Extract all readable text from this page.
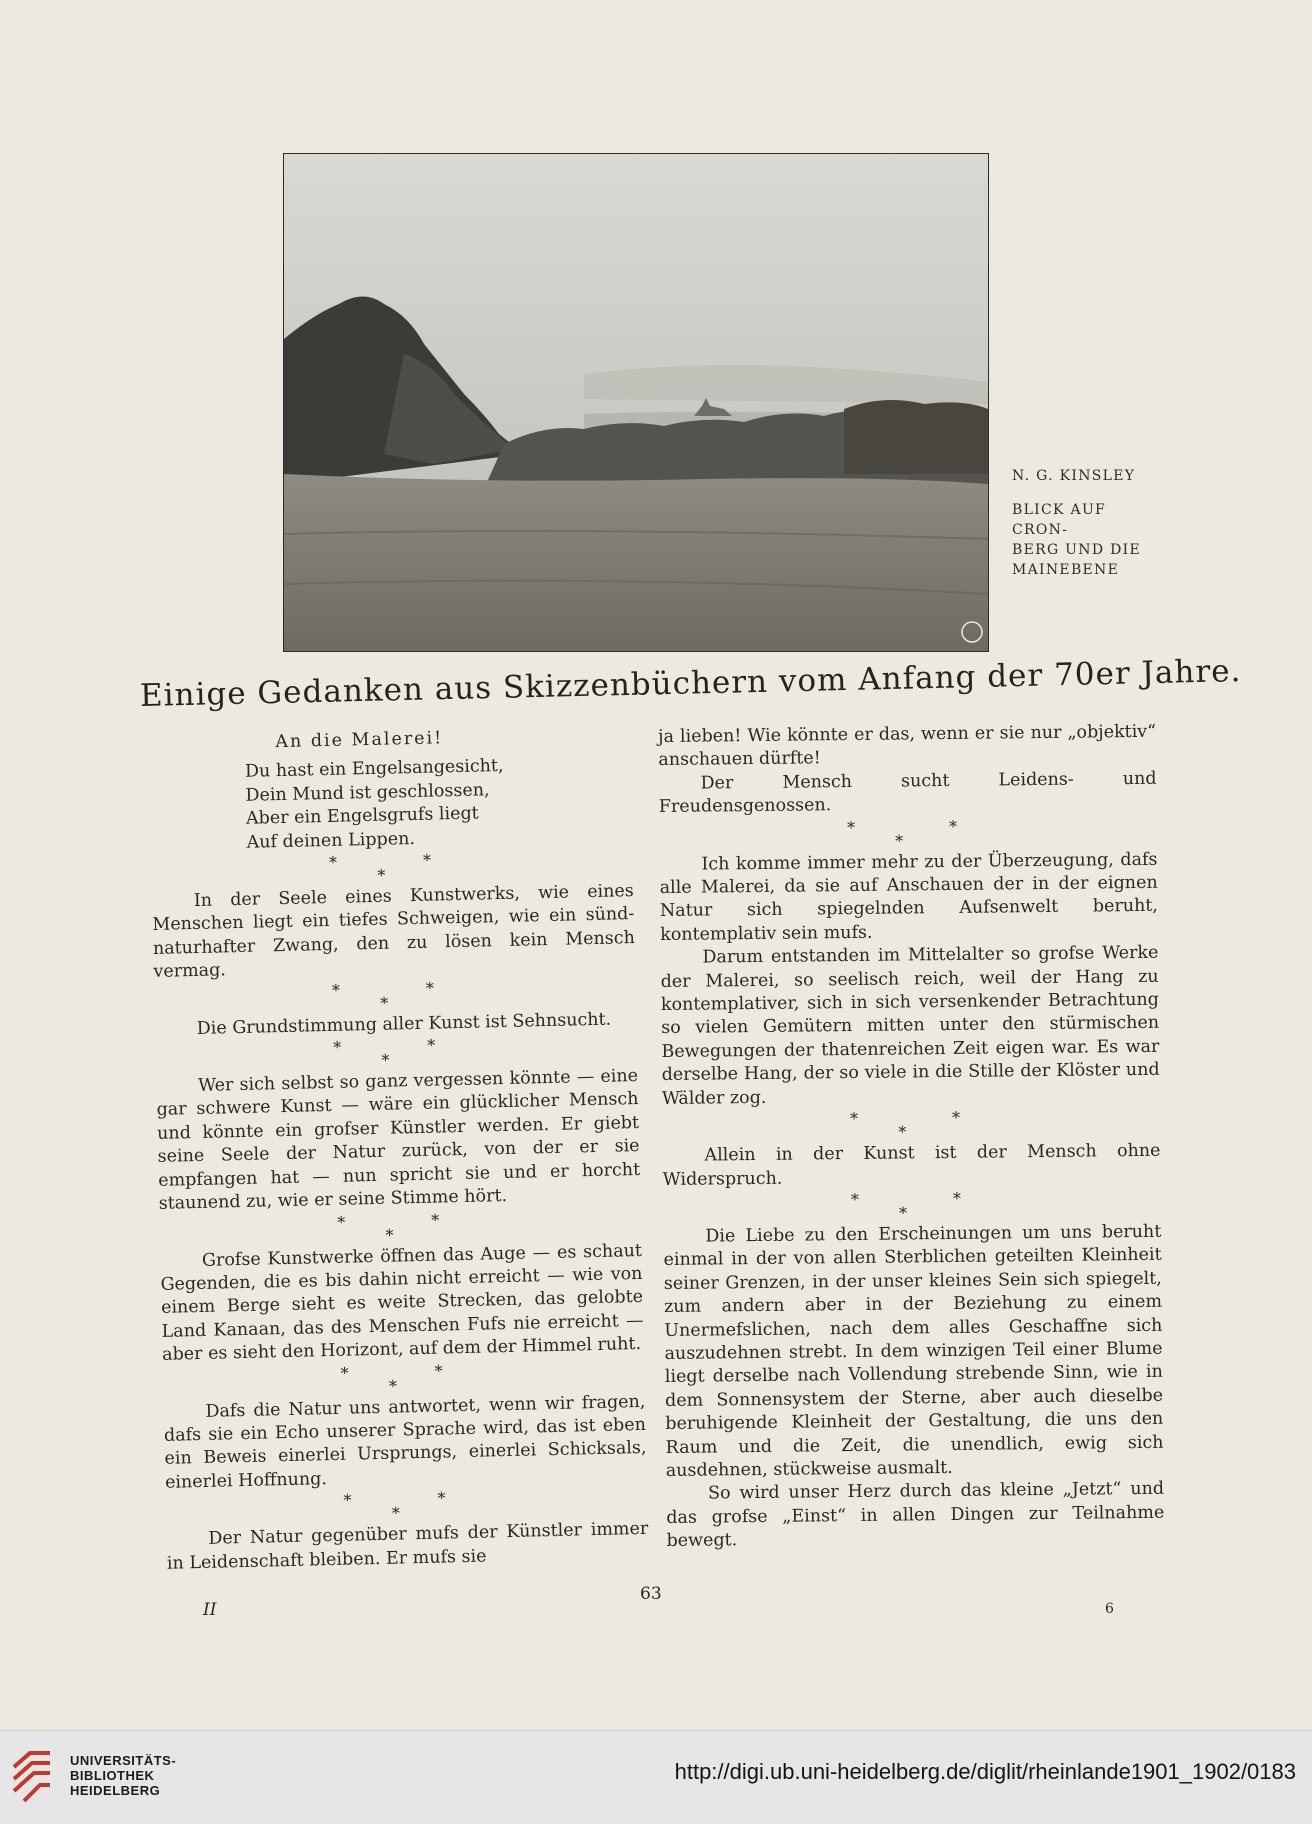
N. G. KINSLEY
BLICK AUF CRON-
BERG UND DIE
MAINEBENE
Einige Gedanken aus Skizzenbüchern vom Anfang der 70er Jahre.
An die Malerei!
Du hast ein Engelsangesicht,
Dein Mund ist geschlossen,
Aber ein Engelsgrufs liegt
Auf deinen Lippen.
*
*
*

In der Seele eines Kunstwerks, wie eines Menschen liegt ein tiefes Schweigen, wie ein sünd-naturhafter Zwang, den zu lösen kein Mensch vermag.

*
*
*

Die Grundstimmung aller Kunst ist Sehnsucht.

*
*
*

Wer sich selbst so ganz vergessen könnte — eine gar schwere Kunst — wäre ein glücklicher Mensch und könnte ein grofser Künstler werden. Er giebt seine Seele der Natur zurück, von der er sie empfangen hat — nun spricht sie und er horcht staunend zu, wie er seine Stimme hört.

*
*
*

Grofse Kunstwerke öffnen das Auge — es schaut Gegenden, die es bis dahin nicht erreicht — wie von einem Berge sieht es weite Strecken, das gelobte Land Kanaan, das des Menschen Fufs nie erreicht — aber es sieht den Horizont, auf dem der Himmel ruht.

*
*
*

Dafs die Natur uns antwortet, wenn wir fragen, dafs sie ein Echo unserer Sprache wird, das ist eben ein Beweis einerlei Ursprungs, einerlei Schicksals, einerlei Hoffnung.

*
*
*

Der Natur gegenüber mufs der Künstler immer in Leidenschaft bleiben. Er mufs sie

ja lieben! Wie könnte er das, wenn er sie nur „objektiv“ anschauen dürfte!

Der Mensch sucht Leidens- und Freudensgenossen.

*
*
*

Ich komme immer mehr zu der Überzeugung, dafs alle Malerei, da sie auf Anschauen der in der eignen Natur sich spiegelnden Aufsenwelt beruht, kontemplativ sein mufs.

Darum entstanden im Mittelalter so grofse Werke der Malerei, so seelisch reich, weil der Hang zu kontemplativer, sich in sich versenkender Betrachtung so vielen Gemütern mitten unter den stürmischen Bewegungen der thatenreichen Zeit eigen war. Es war derselbe Hang, der so viele in die Stille der Klöster und Wälder zog.

*
*
*

Allein in der Kunst ist der Mensch ohne Widerspruch.

*
*
*

Die Liebe zu den Erscheinungen um uns beruht einmal in der von allen Sterblichen geteilten Kleinheit seiner Grenzen, in der unser kleines Sein sich spiegelt, zum andern aber in der Beziehung zu einem Unermefslichen, nach dem alles Geschaffne sich auszudehnen strebt. In dem winzigen Teil einer Blume liegt derselbe nach Vollendung strebende Sinn, wie in dem Sonnensystem der Sterne, aber auch dieselbe beruhigende Kleinheit der Gestaltung, die uns den Raum und die Zeit, die unendlich, ewig sich ausdehnen, stückweise ausmalt.

So wird unser Herz durch das kleine „Jetzt“ und das grofse „Einst“ in allen Dingen zur Teilnahme bewegt.

63
II	6
UNIVERSITÄTS-
BIBLIOTHEK
HEIDELBERG
http://digi.ub.uni-heidelberg.de/diglit/rheinlande1901_1902/0183
